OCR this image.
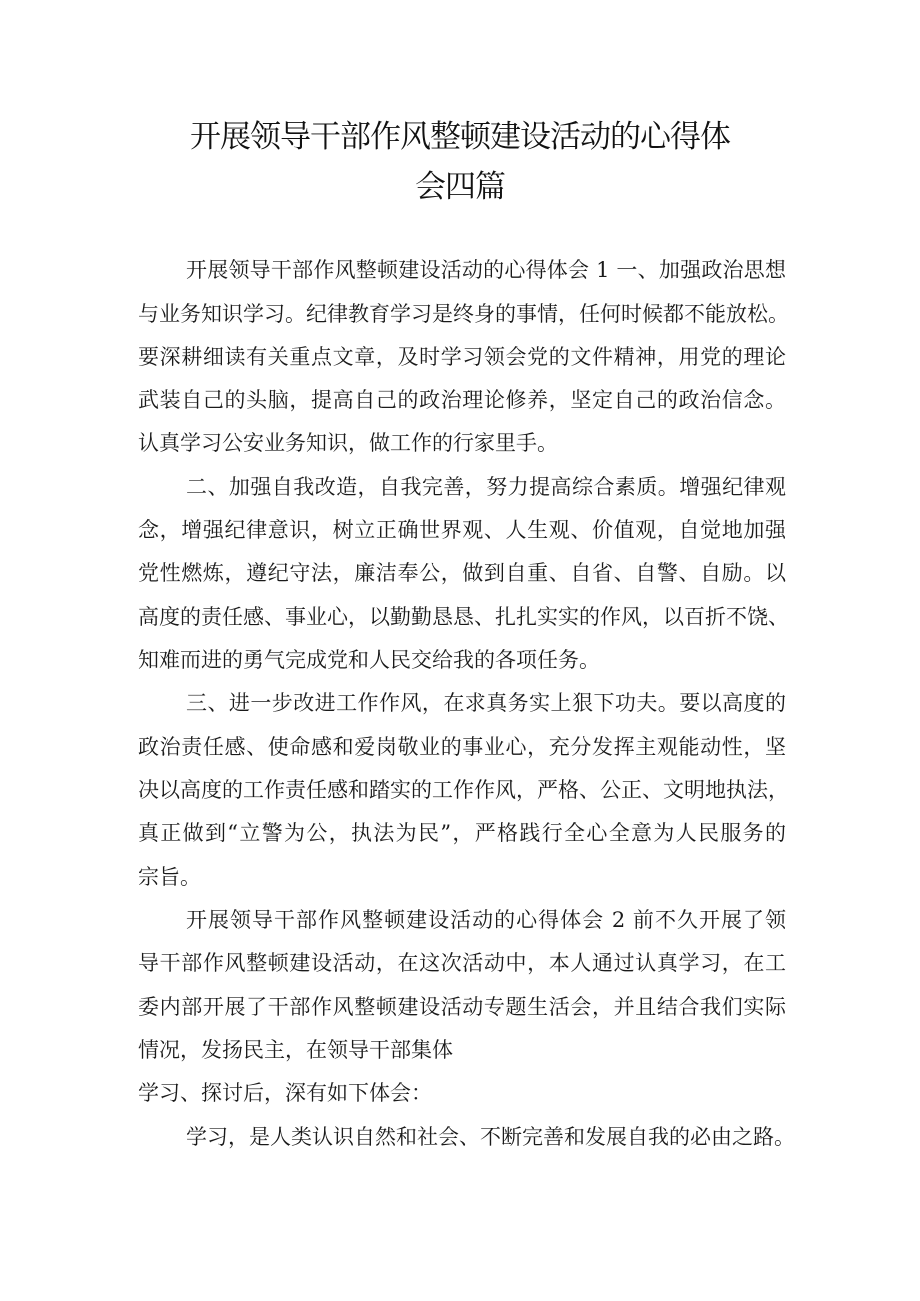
开展领导干部作风整顿建设活动的心得体
会四篇
开展领导干部作风整顿建设活动的心得体会 1 一、加强政治思想
与业务知识学习。纪律教育学习是终身的事情，任何时候都不能放松。
要深耕细读有关重点文章，及时学习领会党的文件精神，用党的理论
武装自己的头脑，提高自己的政治理论修养，坚定自己的政治信念。
认真学习公安业务知识，做工作的行家里手。
二、加强自我改造，自我完善，努力提高综合素质。增强纪律观
念，增强纪律意识，树立正确世界观、人生观、价值观，自觉地加强
党性燃炼，遵纪守法，廉洁奉公，做到自重、自省、自警、自励。以
高度的责任感、事业心，以勤勤恳恳、扎扎实实的作风，以百折不饶、
知难而进的勇气完成党和人民交给我的各项任务。
三、进一步改进工作作风，在求真务实上狠下功夫。要以高度的
政治责任感、使命感和爱岗敬业的事业心，充分发挥主观能动性，坚
决以高度的工作责任感和踏实的工作作风，严格、公正、文明地执法，
真正做到“立警为公，执法为民”，严格践行全心全意为人民服务的
宗旨。
开展领导干部作风整顿建设活动的心得体会 2 前不久开展了领
导干部作风整顿建设活动，在这次活动中，本人通过认真学习，在工
委内部开展了干部作风整顿建设活动专题生活会，并且结合我们实际
情况，发扬民主，在领导干部集体
学习、探讨后，深有如下体会：
学习，是人类认识自然和社会、不断完善和发展自我的必由之路。
